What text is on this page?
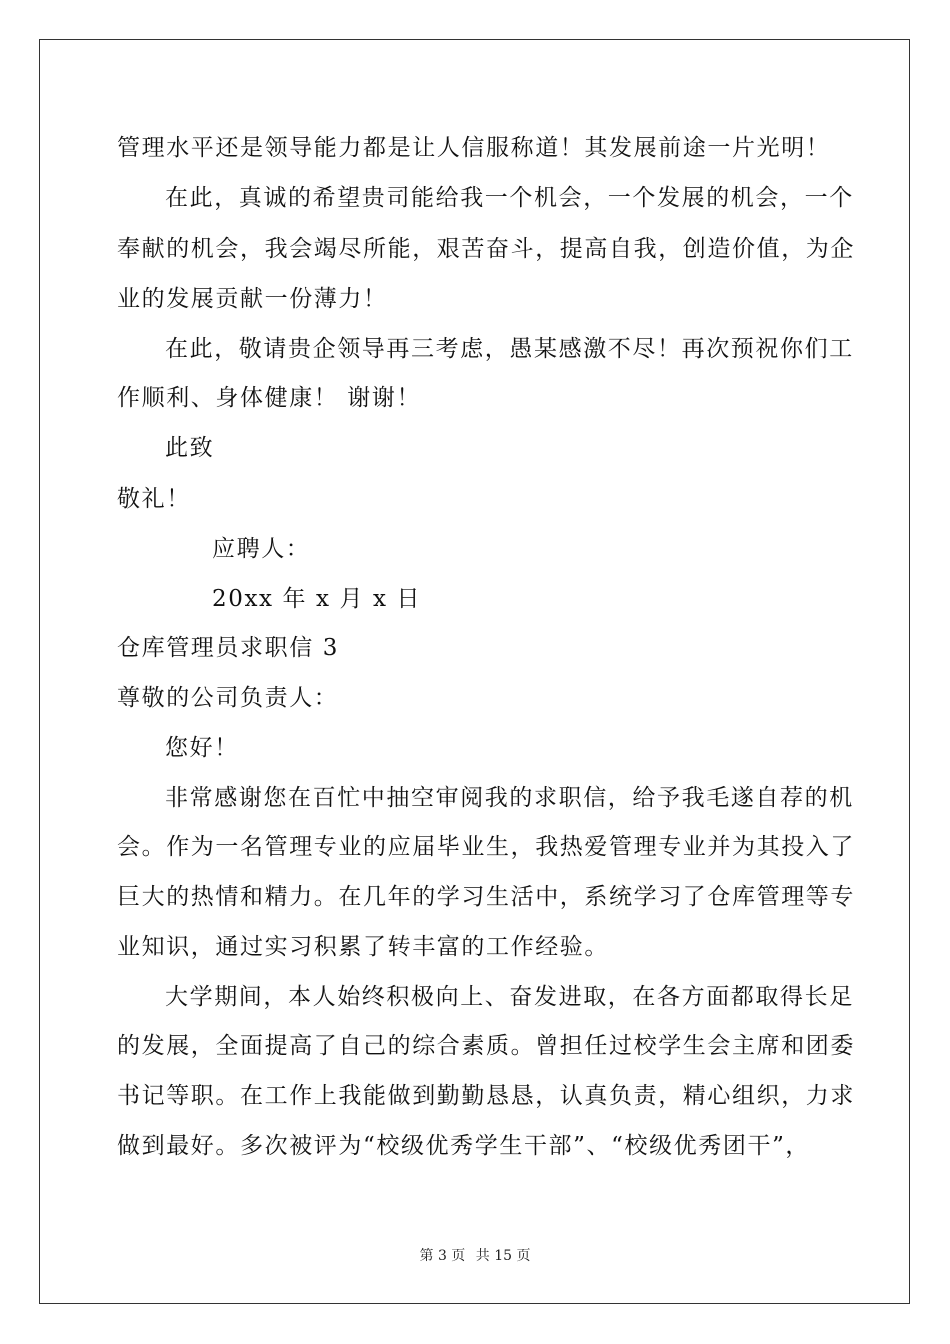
管理水平还是领导能力都是让人信服称道！其发展前途一片光明！
在此，真诚的希望贵司能给我一个机会，一个发展的机会，一个
奉献的机会，我会竭尽所能，艰苦奋斗，提高自我，创造价值，为企
业的发展贡献一份薄力！
在此，敬请贵企领导再三考虑，愚某感激不尽！再次预祝你们工
作顺利、身体健康！ 谢谢！
此致
敬礼！
应聘人：
20xx 年 x 月 x 日
仓库管理员求职信 3
尊敬的公司负责人：
您好！
非常感谢您在百忙中抽空审阅我的求职信，给予我毛遂自荐的机
会。作为一名管理专业的应届毕业生，我热爱管理专业并为其投入了
巨大的热情和精力。在几年的学习生活中，系统学习了仓库管理等专
业知识，通过实习积累了转丰富的工作经验。
大学期间，本人始终积极向上、奋发进取，在各方面都取得长足
的发展，全面提高了自己的综合素质。曾担任过校学生会主席和团委
书记等职。在工作上我能做到勤勤恳恳，认真负责，精心组织，力求
做到最好。多次被评为“校级优秀学生干部”、“校级优秀团干”，
第 3 页 共 15 页
